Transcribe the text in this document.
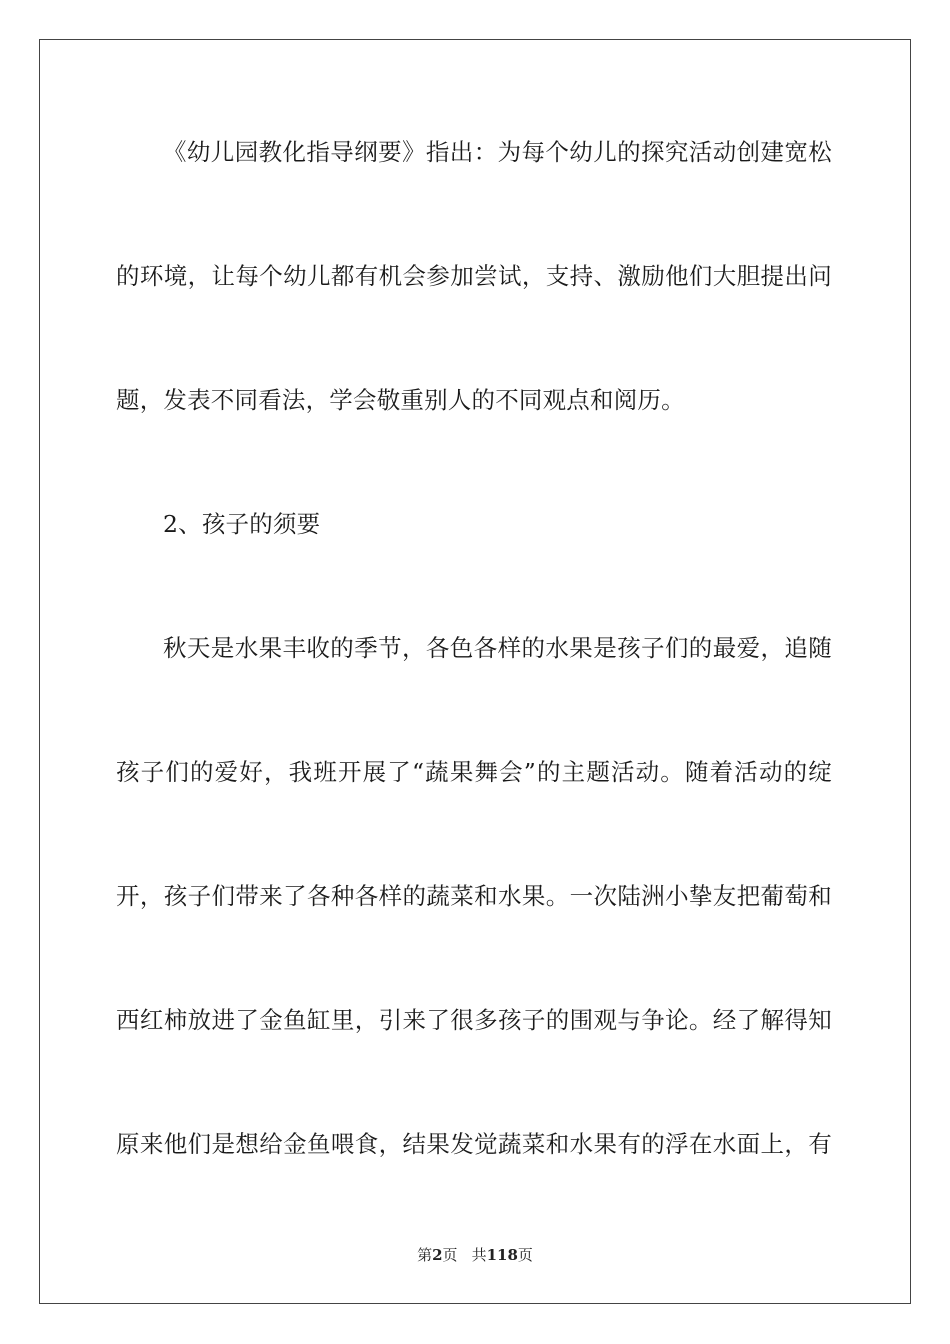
《幼儿园教化指导纲要》指出：为每个幼儿的探究活动创建宽松
的环境，让每个幼儿都有机会参加尝试，支持、激励他们大胆提出问
题，发表不同看法，学会敬重别人的不同观点和阅历。
2、孩子的须要
秋天是水果丰收的季节，各色各样的水果是孩子们的最爱，追随
孩子们的爱好，我班开展了“蔬果舞会”的主题活动。随着活动的绽
开，孩子们带来了各种各样的蔬菜和水果。一次陆洲小挚友把葡萄和
西红柿放进了金鱼缸里，引来了很多孩子的围观与争论。经了解得知
原来他们是想给金鱼喂食，结果发觉蔬菜和水果有的浮在水面上，有
第2页 共118页
